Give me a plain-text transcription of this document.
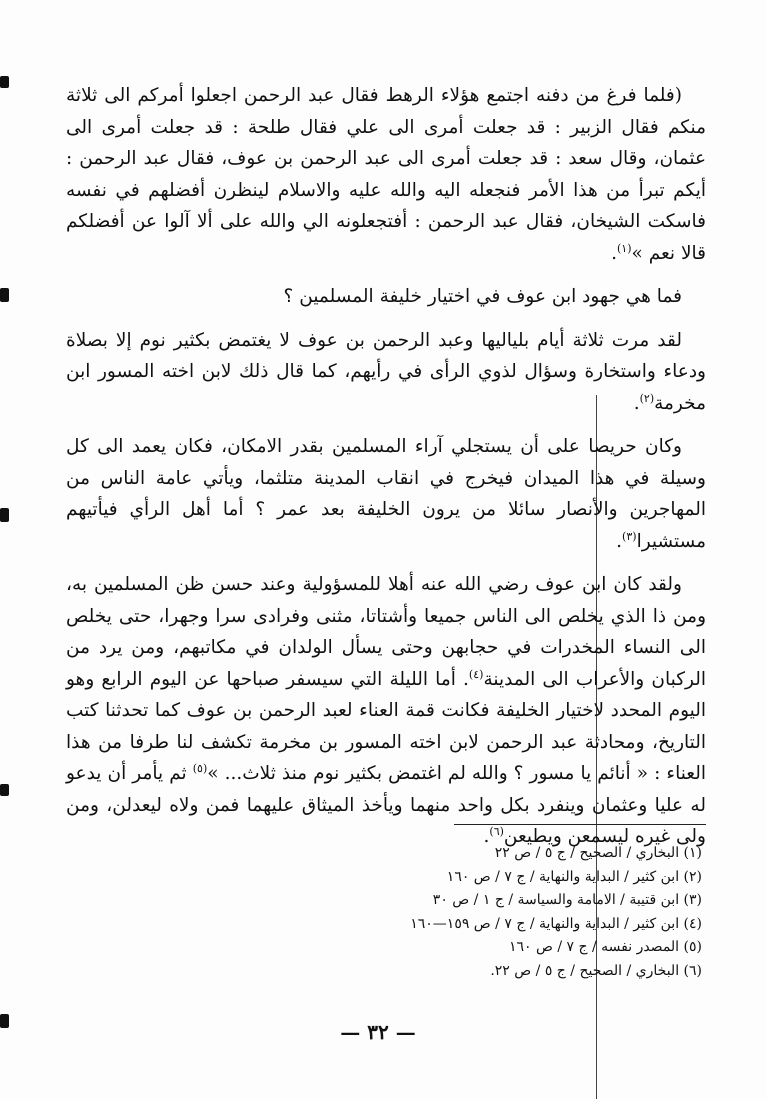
(فلما فرغ من دفنه اجتمع هؤلاء الرهط فقال عبد الرحمن اجعلوا أمركم الى ثلاثة منكم فقال الزبير : قد جعلت أمرى الى علي فقال طلحة : قد جعلت أمرى الى عثمان، وقال سعد : قد جعلت أمرى الى عبد الرحمن بن عوف، فقال عبد الرحمن : أيكم تبرأ من هذا الأمر فنجعله اليه والله عليه والاسلام لينظرن أفضلهم في نفسه فاسكت الشيخان، فقال عبد الرحمن : أفتجعلونه الي والله على ألا آلوا عن أفضلكم قالا نعم »$^{(١)}$.

فما هي جهود ابن عوف في اختيار خليفة المسلمين ؟

لقد مرت ثلاثة أيام بلياليها وعبد الرحمن بن عوف لا يغتمض بكثير نوم إلا بصلاة ودعاء واستخارة وسؤال لذوي الرأى في رأيهم، كما قال ذلك لابن اخته المسور ابن مخرمة$^{(٢)}$.

وكان حريصا على أن يستجلي آراء المسلمين بقدر الامكان، فكان يعمد الى كل وسيلة في هذا الميدان فيخرج في انقاب المدينة متلثما، ويأتي عامة الناس من المهاجرين والأنصار سائلا من يرون الخليفة بعد عمر ؟ أما أهل الرأي فيأتيهم مستشيرا$^{(٣)}$.

ولقد كان ابن عوف رضي الله عنه أهلا للمسؤولية وعند حسن ظن المسلمين به، ومن ذا الذي يخلص الى الناس جميعا وأشتاتا، مثنى وفرادى سرا وجهرا، حتى يخلص الى النساء المخدرات في حجابهن وحتى يسأل الولدان في مكاتبهم، ومن يرد من الركبان والأعراب الى المدينة$^{(٤)}$. أما الليلة التي سيسفر صباحها عن اليوم الرابع وهو اليوم المحدد لاختيار الخليفة فكانت قمة العناء لعبد الرحمن بن عوف كما تحدثنا كتب التاريخ، ومحادثة عبد الرحمن لابن اخته المسور بن مخرمة تكشف لنا طرفا من هذا العناء : « أنائم يا مسور ؟ والله لم اغتمض بكثير نوم منذ ثلاث... »$^{(٥)}$ ثم يأمر أن يدعو له عليا وعثمان وينفرد بكل واحد منهما ويأخذ الميثاق عليهما فمن ولاه ليعدلن، ومن ولى غيره ليسمعن ويطيعن$^{(٦)}$.

(١) البخاري / الصحيح / ج ٥ / ص ٢٢
(٢) ابن كثير / البداية والنهاية / ج ٧ / ص ١٦٠
(٣) ابن قتيبة / الامامة والسياسة / ج ١ / ص ٣٠
(٤) ابن كثير / البداية والنهاية / ج ٧ / ص ١٥٩—١٦٠
(٥) المصدر نفسه / ج ٧ / ص ١٦٠
(٦) البخاري / الصحيح / ج ٥ / ص ٢٢.
— ٣٢ —
